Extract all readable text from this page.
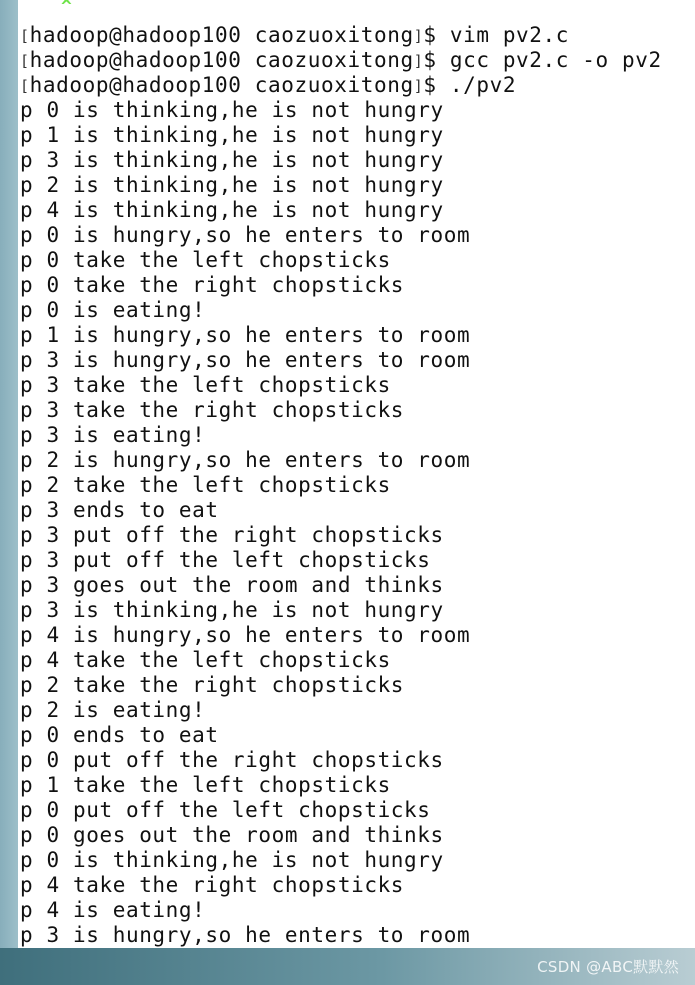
^
[hadoop@hadoop100 caozuoxitong]$ vim pv2.c
[hadoop@hadoop100 caozuoxitong]$ gcc pv2.c -o pv2
[hadoop@hadoop100 caozuoxitong]$ ./pv2
p 0 is thinking,he is not hungry
p 1 is thinking,he is not hungry
p 3 is thinking,he is not hungry
p 2 is thinking,he is not hungry
p 4 is thinking,he is not hungry
p 0 is hungry,so he enters to room
p 0 take the left chopsticks
p 0 take the right chopsticks
p 0 is eating!
p 1 is hungry,so he enters to room
p 3 is hungry,so he enters to room
p 3 take the left chopsticks
p 3 take the right chopsticks
p 3 is eating!
p 2 is hungry,so he enters to room
p 2 take the left chopsticks
p 3 ends to eat
p 3 put off the right chopsticks
p 3 put off the left chopsticks
p 3 goes out the room and thinks
p 3 is thinking,he is not hungry
p 4 is hungry,so he enters to room
p 4 take the left chopsticks
p 2 take the right chopsticks
p 2 is eating!
p 0 ends to eat
p 0 put off the right chopsticks
p 1 take the left chopsticks
p 0 put off the left chopsticks
p 0 goes out the room and thinks
p 0 is thinking,he is not hungry
p 4 take the right chopsticks
p 4 is eating!
p 3 is hungry,so he enters to room
CSDN @ABC默默然
